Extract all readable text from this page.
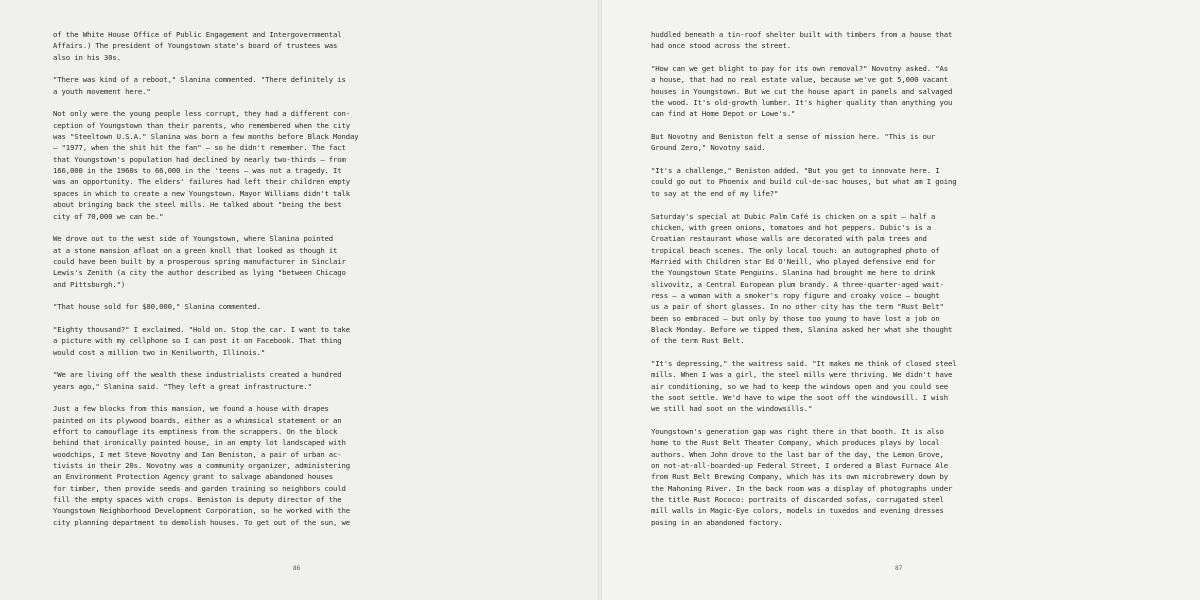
of the White House Office of Public Engagement and Intergovernmental
Affairs.) The president of Youngstown state's board of trustees was
also in his 30s.

"There was kind of a reboot," Slanina commented. "There definitely is
a youth movement here."

Not only were the young people less corrupt, they had a different con-
ception of Youngstown than their parents, who remembered when the city
was "Steeltown U.S.A." Slanina was born a few months before Black Monday
— "1977, when the shit hit the fan" — so he didn't remember. The fact
that Youngstown's population had declined by nearly two-thirds — from
166,000 in the 1960s to 66,000 in the 'teens — was not a tragedy. It
was an opportunity. The elders' failures had left their children empty
spaces in which to create a new Youngstown. Mayor Williams didn't talk
about bringing back the steel mills. He talked about "being the best
city of 70,000 we can be."

We drove out to the west side of Youngstown, where Slanina pointed
at a stone mansion afloat on a green knoll that looked as though it
could have been built by a prosperous spring manufacturer in Sinclair
Lewis's Zenith (a city the author described as lying "between Chicago
and Pittsburgh.")

"That house sold for $80,000," Slanina commented.

"Eighty thousand?" I exclaimed. "Hold on. Stop the car. I want to take
a picture with my cellphone so I can post it on Facebook. That thing
would cost a million two in Kenilworth, Illinois."

"We are living off the wealth these industrialists created a hundred
years ago," Slanina said. "They left a great infrastructure."

Just a few blocks from this mansion, we found a house with drapes
painted on its plywood boards, either as a whimsical statement or an
effort to camouflage its emptiness from the scrappers. On the block
behind that ironically painted house, in an empty lot landscaped with
woodchips, I met Steve Novotny and Ian Beniston, a pair of urban ac-
tivists in their 20s. Novotny was a community organizer, administering
an Environment Protection Agency grant to salvage abandoned houses
for timber, then provide seeds and garden training so neighbors could
fill the empty spaces with crops. Beniston is deputy director of the
Youngstown Neighborhood Development Corporation, so he worked with the
city planning department to demolish houses. To get out of the sun, we

86

huddled beneath a tin-roof shelter built with timbers from a house that
had once stood across the street.

"How can we get blight to pay for its own removal?" Novotny asked. "As
a house, that had no real estate value, because we've got 5,000 vacant
houses in Youngstown. But we cut the house apart in panels and salvaged
the wood. It's old-growth lumber. It's higher quality than anything you
can find at Home Depot or Lowe's."

But Novotny and Beniston felt a sense of mission here. "This is our
Ground Zero," Novotny said.

"It's a challenge," Beniston added. "But you get to innovate here. I
could go out to Phoenix and build cul-de-sac houses, but what am I going
to say at the end of my life?"

Saturday's special at Dubic Palm Café is chicken on a spit — half a
chicken, with green onions, tomatoes and hot peppers. Dubic's is a
Croatian restaurant whose walls are decorated with palm trees and
tropical beach scenes. The only local touch: an autographed photo of
Married with Children star Ed O'Neill, who played defensive end for
the Youngstown State Penguins. Slanina had brought me here to drink
slivovitz, a Central European plum brandy. A three-quarter-aged wait-
ress — a woman with a smoker's ropy figure and croaky voice — bought
us a pair of short glasses. In no other city has the term "Rust Belt"
been so embraced — but only by those too young to have lost a job on
Black Monday. Before we tipped them, Slanina asked her what she thought
of the term Rust Belt.

"It's depressing," the waitress said. "It makes me think of closed steel
mills. When I was a girl, the steel mills were thriving. We didn't have
air conditioning, so we had to keep the windows open and you could see
the soot settle. We'd have to wipe the soot off the windowsill. I wish
we still had soot on the windowsills."

Youngstown's generation gap was right there in that booth. It is also
home to the Rust Belt Theater Company, which produces plays by local
authors. When John drove to the last bar of the day, the Lemon Grove,
on not-at-all-boarded-up Federal Street, I ordered a Blast Furnace Ale
from Rust Belt Brewing Company, which has its own microbrewery down by
the Mahoning River. In the back room was a display of photographs under
the title Rust Rococo: portraits of discarded sofas, corrugated steel
mill walls in Magic-Eye colors, models in tuxedos and evening dresses
posing in an abandoned factory.

87
